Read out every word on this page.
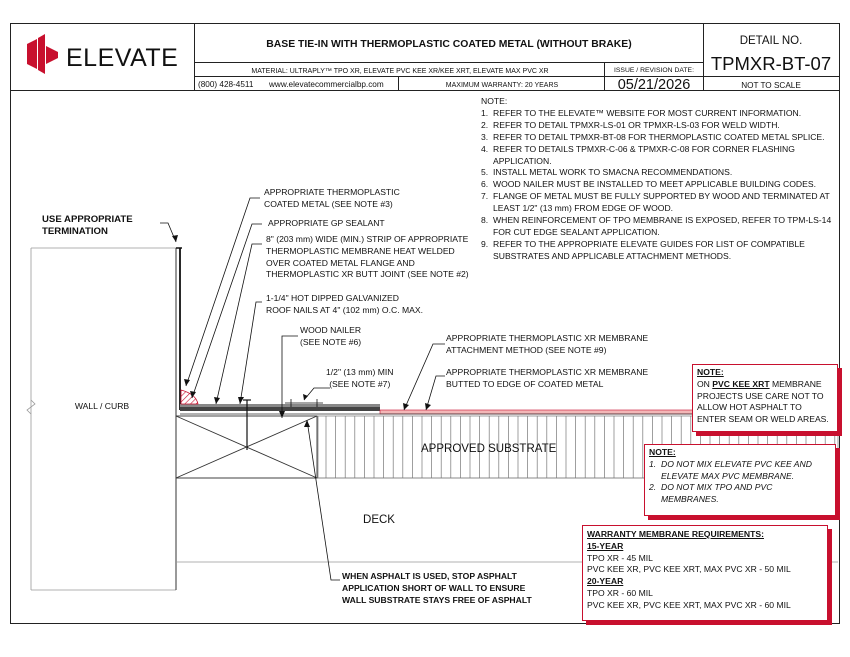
ELEVATE	BASE TIE-IN WITH THERMOPLASTIC COATED METAL (WITHOUT BRAKE)
MATERIAL: ULTRAPLY™ TPO XR, ELEVATE PVC KEE XR/KEE XRT, ELEVATE MAX PVC XR
(800) 428-4511 www.elevatecommercialbp.com	MAXIMUM WARRANTY: 20 YEARS
ISSUE / REVISION DATE:
05/21/2026
DETAIL NO.
TPMXR-BT-07
NOT TO SCALE
WALL / CURB
APPROVED SUBSTRATE
DECK
NOTE:
1. REFER TO THE ELEVATE™ WEBSITE FOR MOST CURRENT INFORMATION.
2. REFER TO DETAIL TPMXR-LS-01 OR TPMXR-LS-03 FOR WELD WIDTH.
3. REFER TO DETAIL TPMXR-BT-08 FOR THERMOPLASTIC COATED METAL SPLICE.
4. REFER TO DETAILS TPMXR-C-06 & TPMXR-C-08 FOR CORNER FLASHING
APPLICATION.
5. INSTALL METAL WORK TO SMACNA RECOMMENDATIONS.
6. WOOD NAILER MUST BE INSTALLED TO MEET APPLICABLE BUILDING CODES.
7. FLANGE OF METAL MUST BE FULLY SUPPORTED BY WOOD AND TERMINATED AT
LEAST 1/2" (13 mm) FROM EDGE OF WOOD.
8. WHEN REINFORCEMENT OF TPO MEMBRANE IS EXPOSED, REFER TO TPM-LS-14
FOR CUT EDGE SEALANT APPLICATION.
9. REFER TO THE APPROPRIATE ELEVATE GUIDES FOR LIST OF COMPATIBLE
SUBSTRATES AND APPLICABLE ATTACHMENT METHODS.
USE APPROPRIATE
TERMINATION
APPROPRIATE THERMOPLASTIC
COATED METAL (SEE NOTE #3)
APPROPRIATE GP SEALANT
8" (203 mm) WIDE (MIN.) STRIP OF APPROPRIATE
THERMOPLASTIC MEMBRANE HEAT WELDED
OVER COATED METAL FLANGE AND
THERMOPLASTIC XR BUTT JOINT (SEE NOTE #2)
1-1/4" HOT DIPPED GALVANIZED
ROOF NAILS AT 4" (102 mm) O.C. MAX.
WOOD NAILER
(SEE NOTE #6)
1/2" (13 mm) MIN
(SEE NOTE #7)
APPROPRIATE THERMOPLASTIC XR MEMBRANE
ATTACHMENT METHOD (SEE NOTE #9)
APPROPRIATE THERMOPLASTIC XR MEMBRANE
BUTTED TO EDGE OF COATED METAL
WHEN ASPHALT IS USED, STOP ASPHALT
APPLICATION SHORT OF WALL TO ENSURE
WALL SUBSTRATE STAYS FREE OF ASPHALT
NOTE:
ON PVC KEE XRT MEMBRANE
PROJECTS USE CARE NOT TO
ALLOW HOT ASPHALT TO
ENTER SEAM OR WELD AREAS.
NOTE:
1. DO NOT MIX ELEVATE PVC KEE AND
ELEVATE MAX PVC MEMBRANE.
2. DO NOT MIX TPO AND PVC
MEMBRANES.
WARRANTY MEMBRANE REQUIREMENTS:
15-YEAR
TPO XR - 45 MIL
PVC KEE XR, PVC KEE XRT, MAX PVC XR - 50 MIL
20-YEAR
TPO XR - 60 MIL
PVC KEE XR, PVC KEE XRT, MAX PVC XR - 60 MIL
